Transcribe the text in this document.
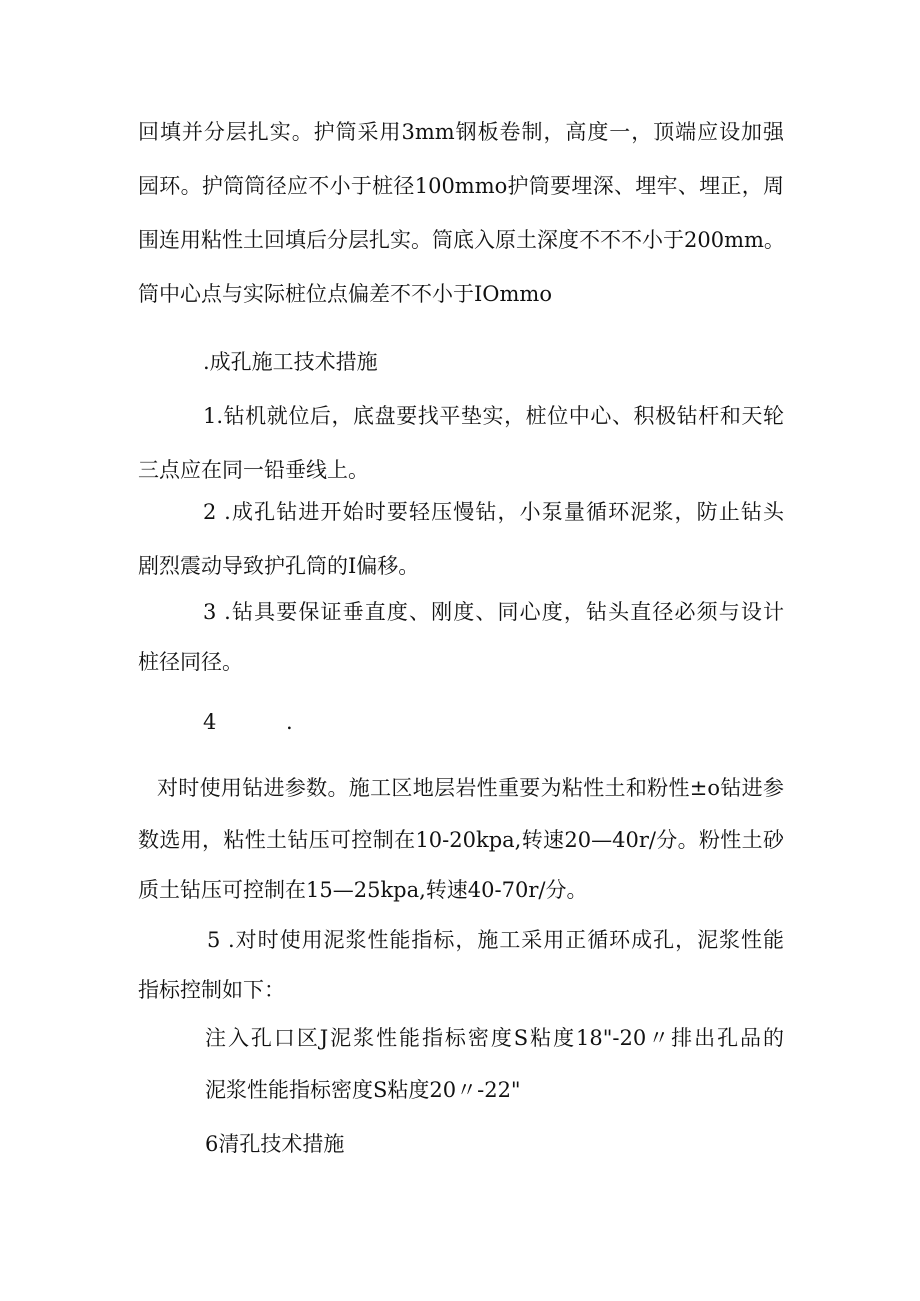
回填并分层扎实。护筒采用3mm钢板卷制，高度一，顶端应设加强

园环。护筒筒径应不小于桩径100mmo护筒要埋深、埋牢、埋正，周

围连用粘性土回填后分层扎实。筒底入原土深度不不不小于200mm。

筒中心点与实际桩位点偏差不不小于IOmmo

.成孔施工技术措施

1.钻机就位后，底盘要找平垫实，桩位中心、积极钻杆和天轮

三点应在同一铅垂线上。

2 .成孔钻进开始时要轻压慢钻，小泵量循环泥浆，防止钻头

剧烈震动导致护孔筒的I偏移。

3 .钻具要保证垂直度、刚度、同心度，钻头直径必须与设计

桩径同径。

4	.

对时使用钻进参数。施工区地层岩性重要为粘性土和粉性±o钻进参

数选用，粘性土钻压可控制在10-20kpa,转速20—40r/分。粉性土砂

质土钻压可控制在15—25kpa,转速40-70r/分。

5 .对时使用泥浆性能指标，施工采用正循环成孔，泥浆性能

指标控制如下：

注入孔口区J泥浆性能指标密度S粘度18"-20〃排出孔品的

泥浆性能指标密度S粘度20〃-22"

6清孔技术措施
